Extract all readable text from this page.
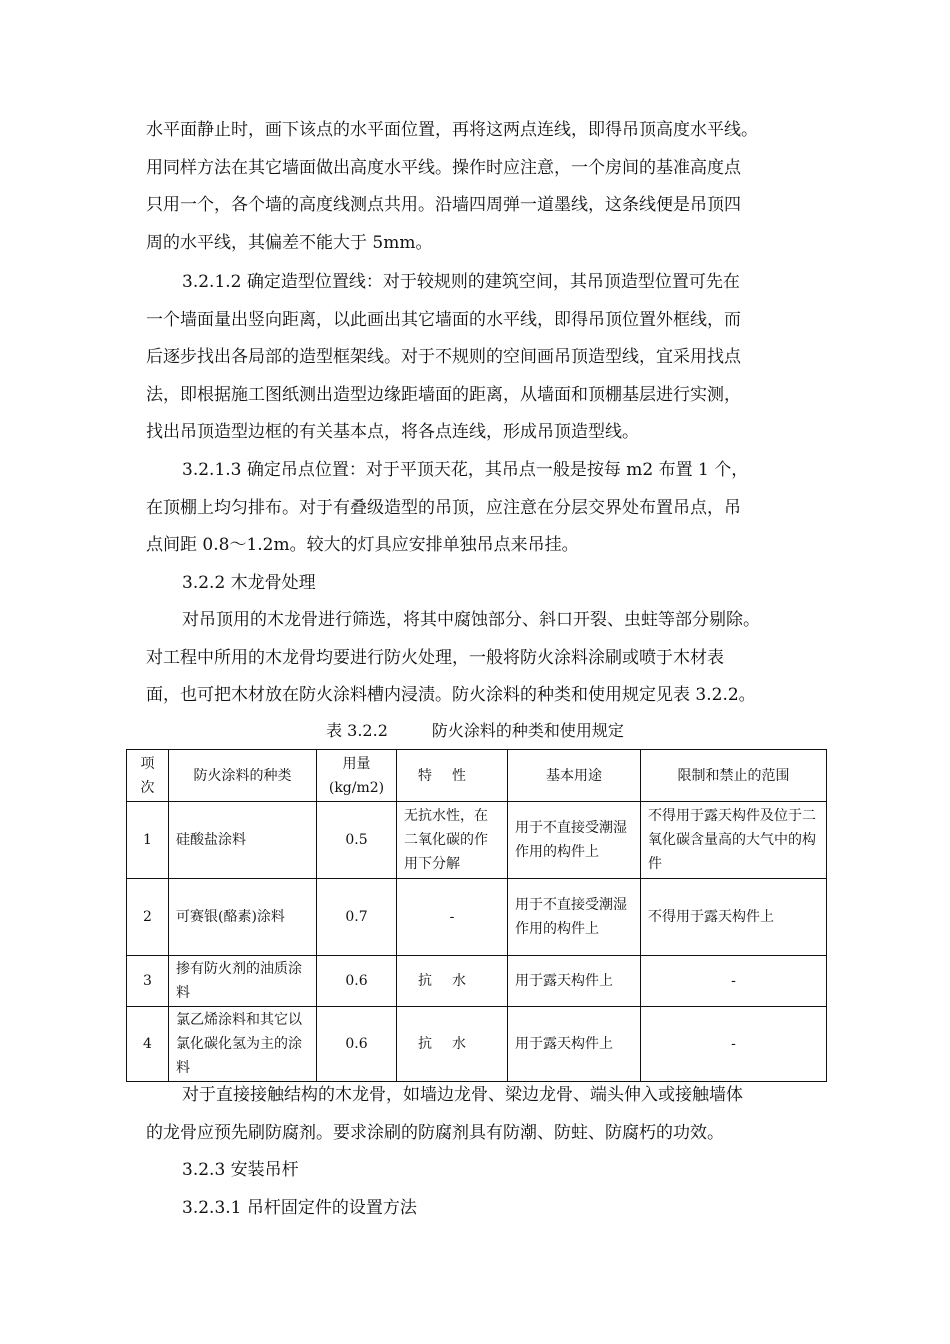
水平面静止时，画下该点的水平面位置，再将这两点连线，即得吊顶高度水平线。
用同样方法在其它墙面做出高度水平线。操作时应注意，一个房间的基准高度点
只用一个，各个墙的高度线测点共用。沿墙四周弹一道墨线，这条线便是吊顶四
周的水平线，其偏差不能大于 5mm。
3.2.1.2 确定造型位置线：对于较规则的建筑空间，其吊顶造型位置可先在
一个墙面量出竖向距离，以此画出其它墙面的水平线，即得吊顶位置外框线，而
后逐步找出各局部的造型框架线。对于不规则的空间画吊顶造型线，宜采用找点
法，即根据施工图纸测出造型边缘距墙面的距离，从墙面和顶棚基层进行实测，
找出吊顶造型边框的有关基本点，将各点连线，形成吊顶造型线。
3.2.1.3 确定吊点位置：对于平顶天花，其吊点一般是按每 m2 布置 1 个，
在顶棚上均匀排布。对于有叠级造型的吊顶，应注意在分层交界处布置吊点，吊
点间距 0.8～1.2m。较大的灯具应安排单独吊点来吊挂。
3.2.2 木龙骨处理
对吊顶用的木龙骨进行筛选，将其中腐蚀部分、斜口开裂、虫蛀等部分剔除。
对工程中所用的木龙骨均要进行防火处理，一般将防火涂料涂刷或喷于木材表
面，也可把木材放在防火涂料槽内浸渍。防火涂料的种类和使用规定见表 3.2.2。
表 3.2.2	防火涂料的种类和使用规定
项次	防火涂料的种类	用量(kg/m2)	特性	基本用途	限制和禁止的范围
1	硅酸盐涂料	0.5	无抗水性，在二氧化碳的作用下分解	用于不直接受潮湿作用的构件上	不得用于露天构件及位于二氧化碳含量高的大气中的构件
2	可赛银(酪素)涂料	0.7	-	用于不直接受潮湿作用的构件上	不得用于露天构件上
3	掺有防火剂的油质涂料	0.6	抗水	用于露天构件上	-
4	氯乙烯涂料和其它以氯化碳化氢为主的涂料	0.6	抗水	用于露天构件上	-
对于直接接触结构的木龙骨，如墙边龙骨、梁边龙骨、端头伸入或接触墙体
的龙骨应预先刷防腐剂。要求涂刷的防腐剂具有防潮、防蛀、防腐朽的功效。
3.2.3 安装吊杆
3.2.3.1 吊杆固定件的设置方法
